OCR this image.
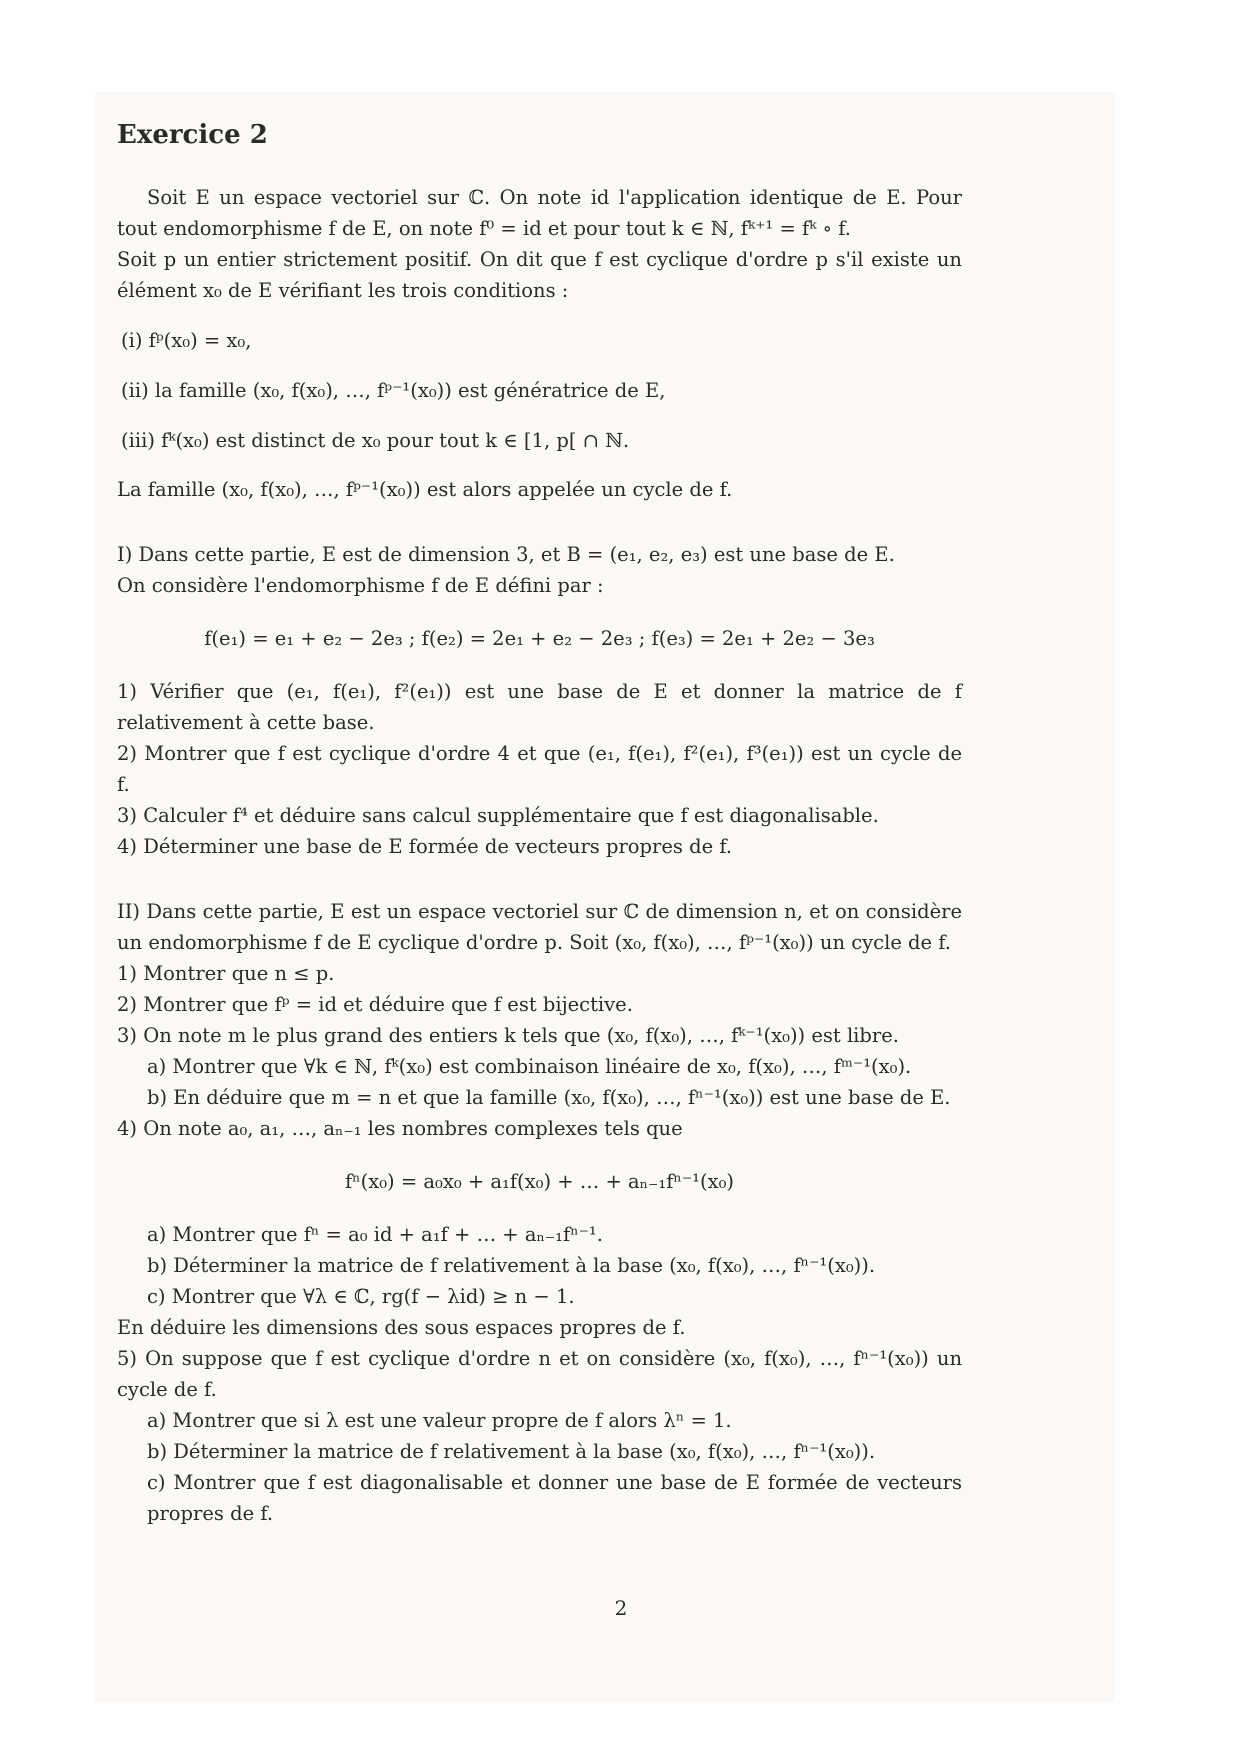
Exercice 2

Soit E un espace vectoriel sur ℂ. On note id l'application identique de E. Pour tout endomorphisme f de E, on note f⁰ = id et pour tout k ∈ ℕ, fᵏ⁺¹ = fᵏ ∘ f.

Soit p un entier strictement positif. On dit que f est cyclique d'ordre p s'il existe un élément x₀ de E vérifiant les trois conditions :

(i) fᵖ(x₀) = x₀,

(ii) la famille (x₀, f(x₀), …, fᵖ⁻¹(x₀)) est génératrice de E,

(iii) fᵏ(x₀) est distinct de x₀ pour tout k ∈ [1, p[ ∩ ℕ.

La famille (x₀, f(x₀), …, fᵖ⁻¹(x₀)) est alors appelée un cycle de f.

I) Dans cette partie, E est de dimension 3, et B = (e₁, e₂, e₃) est une base de E.

On considère l'endomorphisme f de E défini par :

f(e₁) = e₁ + e₂ − 2e₃ ; f(e₂) = 2e₁ + e₂ − 2e₃ ; f(e₃) = 2e₁ + 2e₂ − 3e₃

1) Vérifier que (e₁, f(e₁), f²(e₁)) est une base de E et donner la matrice de f relativement à cette base.

2) Montrer que f est cyclique d'ordre 4 et que (e₁, f(e₁), f²(e₁), f³(e₁)) est un cycle de f.

3) Calculer f⁴ et déduire sans calcul supplémentaire que f est diagonalisable.

4) Déterminer une base de E formée de vecteurs propres de f.

II) Dans cette partie, E est un espace vectoriel sur ℂ de dimension n, et on considère un endomorphisme f de E cyclique d'ordre p. Soit (x₀, f(x₀), …, fᵖ⁻¹(x₀)) un cycle de f.

1) Montrer que n ≤ p.

2) Montrer que fᵖ = id et déduire que f est bijective.

3) On note m le plus grand des entiers k tels que (x₀, f(x₀), …, fᵏ⁻¹(x₀)) est libre.

a) Montrer que ∀k ∈ ℕ, fᵏ(x₀) est combinaison linéaire de x₀, f(x₀), …, fᵐ⁻¹(x₀).

b) En déduire que m = n et que la famille (x₀, f(x₀), …, fⁿ⁻¹(x₀)) est une base de E.

4) On note a₀, a₁, …, aₙ₋₁ les nombres complexes tels que

fⁿ(x₀) = a₀x₀ + a₁f(x₀) + … + aₙ₋₁fⁿ⁻¹(x₀)

a) Montrer que fⁿ = a₀ id + a₁f + … + aₙ₋₁fⁿ⁻¹.

b) Déterminer la matrice de f relativement à la base (x₀, f(x₀), …, fⁿ⁻¹(x₀)).

c) Montrer que ∀λ ∈ ℂ, rg(f − λid) ≥ n − 1.

En déduire les dimensions des sous espaces propres de f.

5) On suppose que f est cyclique d'ordre n et on considère (x₀, f(x₀), …, fⁿ⁻¹(x₀)) un cycle de f.

a) Montrer que si λ est une valeur propre de f alors λⁿ = 1.

b) Déterminer la matrice de f relativement à la base (x₀, f(x₀), …, fⁿ⁻¹(x₀)).

c) Montrer que f est diagonalisable et donner une base de E formée de vecteurs propres de f.

2
